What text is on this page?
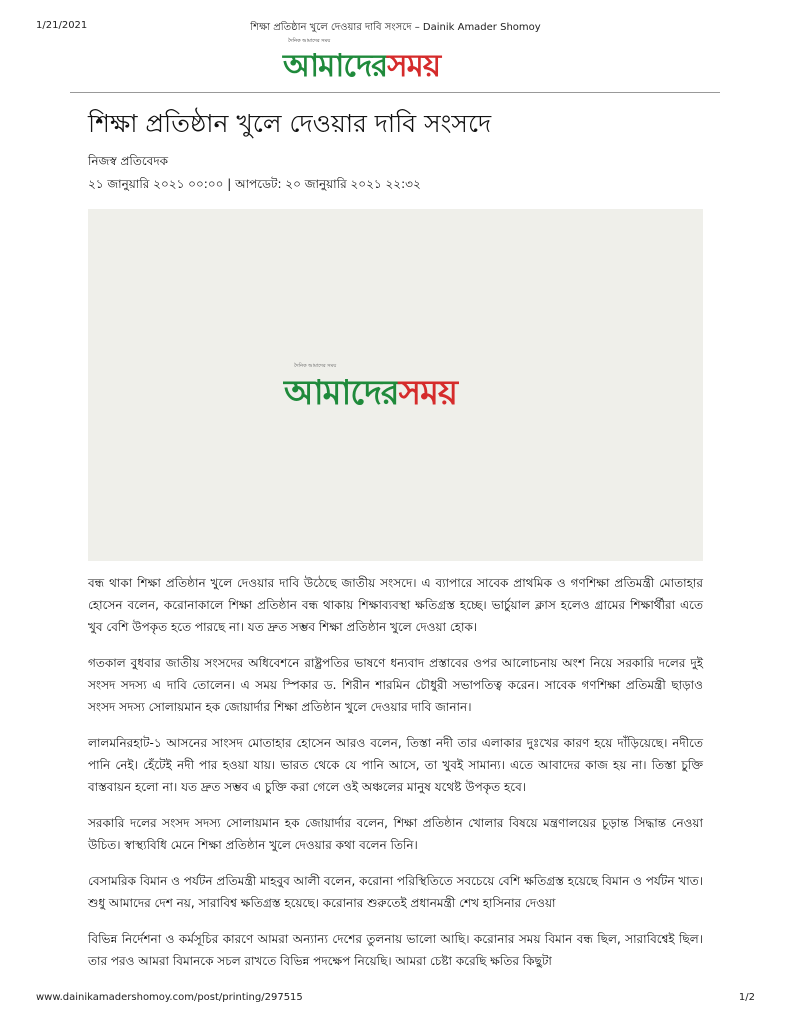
1/21/2021	শিক্ষা প্রতিষ্ঠান খুলে দেওয়ার দাবি সংসদে – Dainik Amader Shomoy
দৈনিক আমাদের সময়
আমাদেরসময়
শিক্ষা প্রতিষ্ঠান খুলে দেওয়ার দাবি সংসদে
নিজস্ব প্রতিবেদক
২১ জানুয়ারি ২০২১ ০০:০০ | আপডেট: ২০ জানুয়ারি ২০২১ ২২:৩২
দৈনিক আমাদের সময়
আমাদেরসময়

বন্ধ থাকা শিক্ষা প্রতিষ্ঠান খুলে দেওয়ার দাবি উঠেছে জাতীয় সংসদে। এ ব্যাপারে সাবেক প্রাথমিক ও গণশিক্ষা প্রতিমন্ত্রী মোতাহার হোসেন বলেন, করোনাকালে শিক্ষা প্রতিষ্ঠান বন্ধ থাকায় শিক্ষাব্যবস্থা ক্ষতিগ্রস্ত হচ্ছে। ভার্চুয়াল ক্লাস হলেও গ্রামের শিক্ষার্থীরা এতে খুব বেশি উপকৃত হতে পারছে না। যত দ্রুত সম্ভব শিক্ষা প্রতিষ্ঠান খুলে দেওয়া হোক।

গতকাল বুধবার জাতীয় সংসদের অধিবেশনে রাষ্ট্রপতির ভাষণে ধন্যবাদ প্রস্তাবের ওপর আলোচনায় অংশ নিয়ে সরকারি দলের দুই সংসদ সদস্য এ দাবি তোলেন। এ সময় স্পিকার ড. শিরীন শারমিন চৌধুরী সভাপতিত্ব করেন। সাবেক গণশিক্ষা প্রতিমন্ত্রী ছাড়াও সংসদ সদস্য সোলায়মান হক জোয়ার্দার শিক্ষা প্রতিষ্ঠান খুলে দেওয়ার দাবি জানান।

লালমনিরহাট-১ আসনের সাংসদ মোতাহার হোসেন আরও বলেন, তিস্তা নদী তার এলাকার দুঃখের কারণ হয়ে দাঁড়িয়েছে। নদীতে পানি নেই। হেঁটেই নদী পার হওয়া যায়। ভারত থেকে যে পানি আসে, তা খুবই সামান্য। এতে আবাদের কাজ হয় না। তিস্তা চুক্তি বাস্তবায়ন হলো না। যত দ্রুত সম্ভব এ চুক্তি করা গেলে ওই অঞ্চলের মানুষ যথেষ্ট উপকৃত হবে।

সরকারি দলের সংসদ সদস্য সোলায়মান হক জোয়ার্দার বলেন, শিক্ষা প্রতিষ্ঠান খোলার বিষয়ে মন্ত্রণালয়ের চূড়ান্ত সিদ্ধান্ত নেওয়া উচিত। স্বাস্থ্যবিধি মেনে শিক্ষা প্রতিষ্ঠান খুলে দেওয়ার কথা বলেন তিনি।

বেসামরিক বিমান ও পর্যটন প্রতিমন্ত্রী মাহবুব আলী বলেন, করোনা পরিস্থিতিতে সবচেয়ে বেশি ক্ষতিগ্রস্ত হয়েছে বিমান ও পর্যটন খাত। শুধু আমাদের দেশ নয়, সারাবিশ্ব ক্ষতিগ্রস্ত হয়েছে। করোনার শুরুতেই প্রধানমন্ত্রী শেখ হাসিনার দেওয়া

বিভিন্ন নির্দেশনা ও কর্মসূচির কারণে আমরা অন্যান্য দেশের তুলনায় ভালো আছি। করোনার সময় বিমান বন্ধ ছিল, সারাবিশ্বেই ছিল। তার পরও আমরা বিমানকে সচল রাখতে বিভিন্ন পদক্ষেপ নিয়েছি। আমরা চেষ্টা করেছি ক্ষতির কিছুটা

www.dainikamadershomoy.com/post/printing/297515	1/2
